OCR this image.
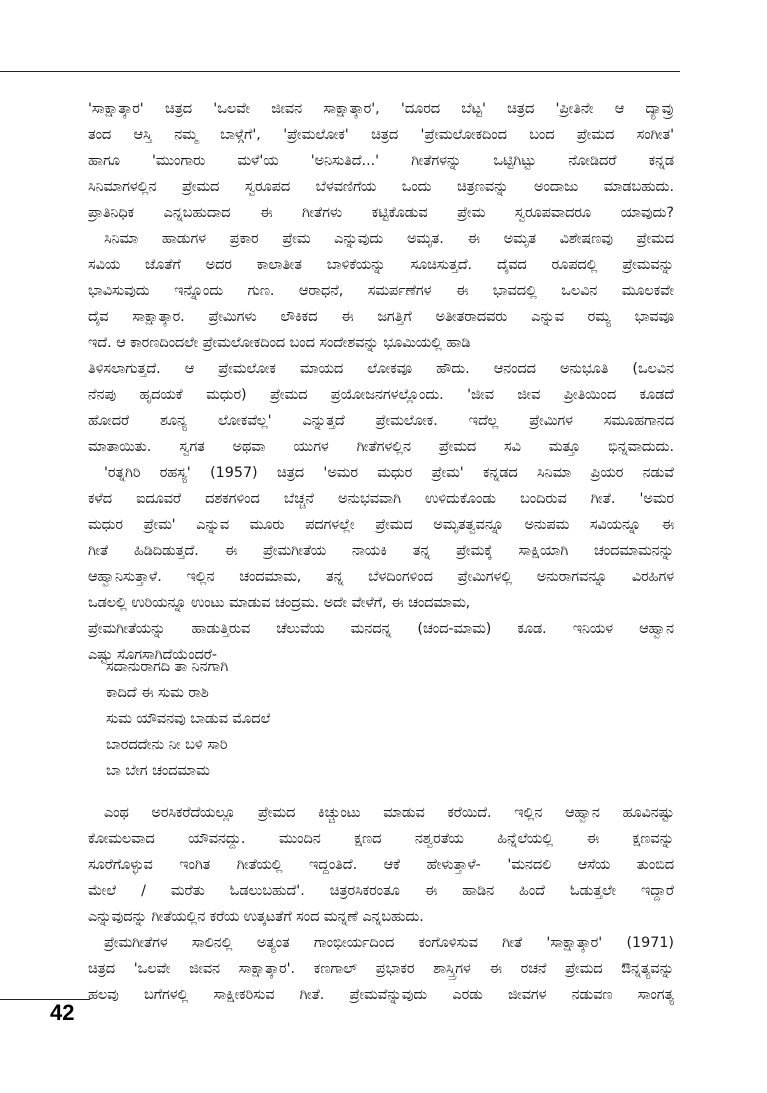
'ಸಾಕ್ಷಾತ್ಕಾರ' ಚಿತ್ರದ 'ಒಲವೇ ಜೀವನ ಸಾಕ್ಷಾತ್ಕಾರ', 'ದೂರದ ಬೆಟ್ಟ' ಚಿತ್ರದ 'ಪ್ರೀತಿನೇ ಆ ದ್ಯಾವ್ರು
ತಂದ ಆಸ್ತಿ ನಮ್ಮ ಬಾಳ್ಗೆಗೆ', 'ಪ್ರೇಮಲೋಕ' ಚಿತ್ರದ 'ಪ್ರೇಮಲೋಕದಿಂದ ಬಂದ ಪ್ರೇಮದ ಸಂಗೀತ'
ಹಾಗೂ 'ಮುಂಗಾರು ಮಳೆ'ಯ 'ಅನಿಸುತಿದೆ...' ಗೀತೆಗಳನ್ನು ಒಟ್ಟಿಗಿಟ್ಟು ನೋಡಿದರೆ ಕನ್ನಡ
ಸಿನಿಮಾಗಳಲ್ಲಿನ ಪ್ರೇಮದ ಸ್ವರೂಪದ ಬೆಳವಣಿಗೆಯ ಒಂದು ಚಿತ್ರಣವನ್ನು ಅಂದಾಜು ಮಾಡಬಹುದು.
ಪ್ರಾತಿನಿಧಿಕ ಎನ್ನಬಹುದಾದ ಈ ಗೀತೆಗಳು ಕಟ್ಟಿಕೊಡುವ ಪ್ರೇಮ ಸ್ವರೂಪವಾದರೂ ಯಾವುದು?
ಸಿನಿಮಾ ಹಾಡುಗಳ ಪ್ರಕಾರ ಪ್ರೇಮ ಎನ್ನುವುದು ಅಮೃತ. ಈ ಅಮೃತ ವಿಶೇಷಣವು ಪ್ರೇಮದ
ಸವಿಯ ಜೊತೆಗೆ ಅದರ ಕಾಲಾತೀತ ಬಾಳಿಕೆಯನ್ನು ಸೂಚಿಸುತ್ತದೆ. ದೈವದ ರೂಪದಲ್ಲಿ ಪ್ರೇಮವನ್ನು
ಭಾವಿಸುವುದು ಇನ್ನೊಂದು ಗುಣ. ಆರಾಧನೆ, ಸಮರ್ಪಣೆಗಳ ಈ ಭಾವದಲ್ಲಿ ಒಲವಿನ ಮೂಲಕವೇ
ದೈವ ಸಾಕ್ಷಾತ್ಕಾರ. ಪ್ರೇಮಿಗಳು ಲೌಕಿಕದ ಈ ಜಗತ್ತಿಗೆ ಅತೀತರಾದವರು ಎನ್ನುವ ರಮ್ಯ ಭಾವವೂ
ಇದೆ. ಆ ಕಾರಣದಿಂದಲೇ ಪ್ರೇಮಲೋಕದಿಂದ ಬಂದ ಸಂದೇಶವನ್ನು ಭೂಮಿಯಲ್ಲಿ ಹಾಡಿ
ತಿಳಿಸಲಾಗುತ್ತದೆ. ಆ ಪ್ರೇಮಲೋಕ ಮಾಯದ ಲೋಕವೂ ಹೌದು. ಆನಂದದ ಅನುಭೂತಿ (ಒಲವಿನ
ನೆನಪು ಹೃದಯಕೆ ಮಧುರ) ಪ್ರೇಮದ ಪ್ರಯೋಜನಗಳಲ್ಲೊಂದು. 'ಜೀವ ಜೀವ ಪ್ರೀತಿಯಿಂದ ಕೂಡದೆ
ಹೋದರೆ ಶೂನ್ಯ ಲೋಕವೆಲ್ಲ' ಎನ್ನುತ್ತದೆ ಪ್ರೇಮಲೋಕ. ಇದೆಲ್ಲ ಪ್ರೇಮಿಗಳ ಸಮೂಹಗಾನದ
ಮಾತಾಯಿತು. ಸ್ವಗತ ಅಥವಾ ಯುಗಳ ಗೀತೆಗಳಲ್ಲಿನ ಪ್ರೇಮದ ಸವಿ ಮತ್ತೂ ಭಿನ್ನವಾದುದು.
'ರತ್ನಗಿರಿ ರಹಸ್ಯ' (1957) ಚಿತ್ರದ 'ಅಮರ ಮಧುರ ಪ್ರೇಮ' ಕನ್ನಡದ ಸಿನಿಮಾ ಪ್ರಿಯರ ನಡುವೆ
ಕಳೆದ ಐದೂವರೆ ದಶಕಗಳಿಂದ ಬೆಚ್ಚನೆ ಅನುಭವವಾಗಿ ಉಳಿದುಕೊಂಡು ಬಂದಿರುವ ಗೀತೆ. 'ಅಮರ
ಮಧುರ ಪ್ರೇಮ' ಎನ್ನುವ ಮೂರು ಪದಗಳಲ್ಲೇ ಪ್ರೇಮದ ಅಮೃತತ್ವವನ್ನೂ ಅನುಪಮ ಸವಿಯನ್ನೂ ಈ
ಗೀತೆ ಹಿಡಿದಿಡುತ್ತದೆ. ಈ ಪ್ರೇಮಗೀತೆಯ ನಾಯಕಿ ತನ್ನ ಪ್ರೇಮಕ್ಕೆ ಸಾಕ್ಷಿಯಾಗಿ ಚಂದಮಾಮನನ್ನು
ಆಹ್ವಾನಿಸುತ್ತಾಳೆ. ಇಲ್ಲಿನ ಚಂದಮಾಮ, ತನ್ನ ಬೆಳದಿಂಗಳಿಂದ ಪ್ರೇಮಿಗಳಲ್ಲಿ ಅನುರಾಗವನ್ನೂ ವಿರಹಿಗಳ
ಒಡಲಲ್ಲಿ ಉರಿಯನ್ನೂ ಉಂಟು ಮಾಡುವ ಚಂದ್ರಮ. ಅದೇ ವೇಳೆಗೆ, ಈ ಚಂದಮಾಮ,
ಪ್ರೇಮಗೀತೆಯನ್ನು ಹಾಡುತ್ತಿರುವ ಚೆಲುವೆಯ ಮನದನ್ನ (ಚಂದ-ಮಾಮ) ಕೂಡ. ಇನಿಯಳ ಆಹ್ವಾನ
ಎಷ್ಟು ಸೊಗಸಾಗಿದೆಯೆಂದರೆ-
ಸದಾನುರಾಗದಿ ತಾ ನಿನಗಾಗಿ
ಕಾದಿದೆ ಈ ಸುಮ ರಾಶಿ
ಸುಮ ಯೌವನವು ಬಾಡುವ ಮೊದಲೆ
ಬಾರದದೇನು ನೀ ಬಳಿ ಸಾರಿ
ಬಾ ಬೇಗ ಚಂದಮಾಮ
ಎಂಥ ಅರಸಿಕರೆದೆಯಲ್ಲೂ ಪ್ರೇಮದ ಕಿಚ್ಚುಂಟು ಮಾಡುವ ಕರೆಯಿದೆ. ಇಲ್ಲಿನ ಆಹ್ವಾನ ಹೂವಿನಷ್ಟು
ಕೋಮಲವಾದ ಯೌವನದ್ದು. ಮುಂದಿನ ಕ್ಷಣದ ನಶ್ವರತೆಯ ಹಿನ್ನೆಲೆಯಲ್ಲಿ ಈ ಕ್ಷಣವನ್ನು
ಸೂರೆಗೊಳ್ಳುವ ಇಂಗಿತ ಗೀತೆಯಲ್ಲಿ ಇದ್ದಂತಿದೆ. ಆಕೆ ಹೇಳುತ್ತಾಳೆ- 'ಮನದಲಿ ಆಸೆಯ ತುಂಬಿದ
ಮೇಲೆ / ಮರೆತು ಓಡಲುಬಹುದೆ'. ಚಿತ್ರರಸಿಕರಂತೂ ಈ ಹಾಡಿನ ಹಿಂದೆ ಓಡುತ್ತಲೇ ಇದ್ದಾರೆ
ಎನ್ನುವುದನ್ನು ಗೀತೆಯಲ್ಲಿನ ಕರೆಯ ಉತ್ಕಟತೆಗೆ ಸಂದ ಮನ್ನಣೆ ಎನ್ನಬಹುದು.
ಪ್ರೇಮಗೀತೆಗಳ ಸಾಲಿನಲ್ಲಿ ಅತ್ಯಂತ ಗಾಂಭೀರ್ಯದಿಂದ ಕಂಗೊಳಿಸುವ ಗೀತೆ 'ಸಾಕ್ಷಾತ್ಕಾರ' (1971)
ಚಿತ್ರದ 'ಒಲವೇ ಜೀವನ ಸಾಕ್ಷಾತ್ಕಾರ'. ಕಣಗಾಲ್ ಪ್ರಭಾಕರ ಶಾಸ್ತ್ರಿಗಳ ಈ ರಚನೆ ಪ್ರೇಮದ ಔನ್ನತ್ಯವನ್ನು
ಹಲವು ಬಗೆಗಳಲ್ಲಿ ಸಾಕ್ಷೀಕರಿಸುವ ಗೀತೆ. ಪ್ರೇಮವೆನ್ನುವುದು ಎರಡು ಜೀವಗಳ ನಡುವಣ ಸಾಂಗತ್ಯ
42
